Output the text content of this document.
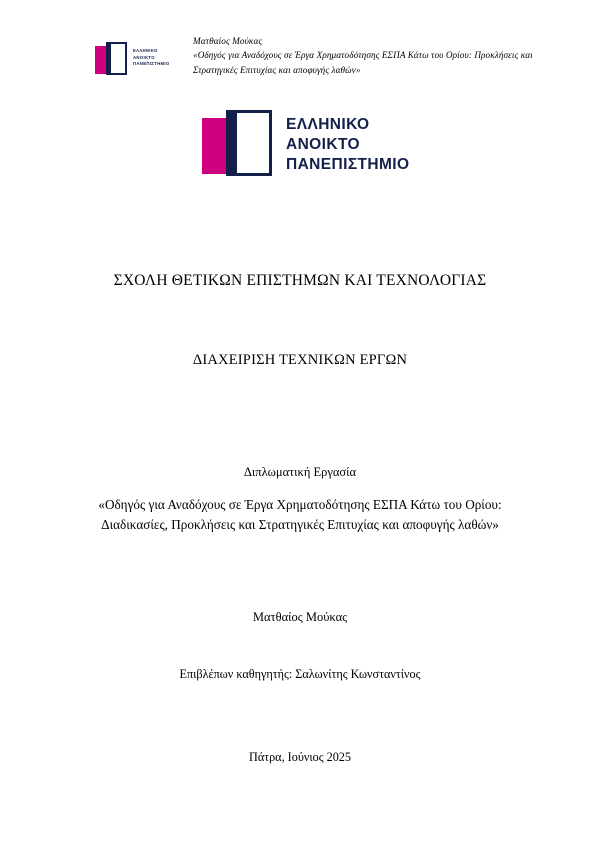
ΕΛΛΗΝΙΚΟ
ΑΝΟΙΚΤΟ
ΠΑΝΕΠΙΣΤΗΜΙΟ
Ματθαίος Μούκας
«Οδηγός για Αναδόχους σε Έργα Χρηματοδότησης ΕΣΠΑ Κάτω του Ορίου: Προκλήσεις και Στρατηγικές Επιτυχίας και αποφυγής λαθών»
ΕΛΛΗΝΙΚΟ
ΑΝΟΙΚΤΟ
ΠΑΝΕΠΙΣΤΗΜΙΟ
ΣΧΟΛΗ ΘΕΤΙΚΩΝ ΕΠΙΣΤΗΜΩΝ ΚΑΙ ΤΕΧΝΟΛΟΓΙΑΣ
ΔΙΑΧΕΙΡΙΣΗ ΤΕΧΝΙΚΩΝ ΕΡΓΩΝ
Διπλωματική Εργασία
«Οδηγός για Αναδόχους σε Έργα Χρηματοδότησης ΕΣΠΑ Κάτω του Ορίου: Διαδικασίες, Προκλήσεις και Στρατηγικές Επιτυχίας και αποφυγής λαθών»
Ματθαίος Μούκας
Επιβλέπων καθηγητής: Σαλωνίτης Κωνσταντίνος
Πάτρα, Ιούνιος 2025
